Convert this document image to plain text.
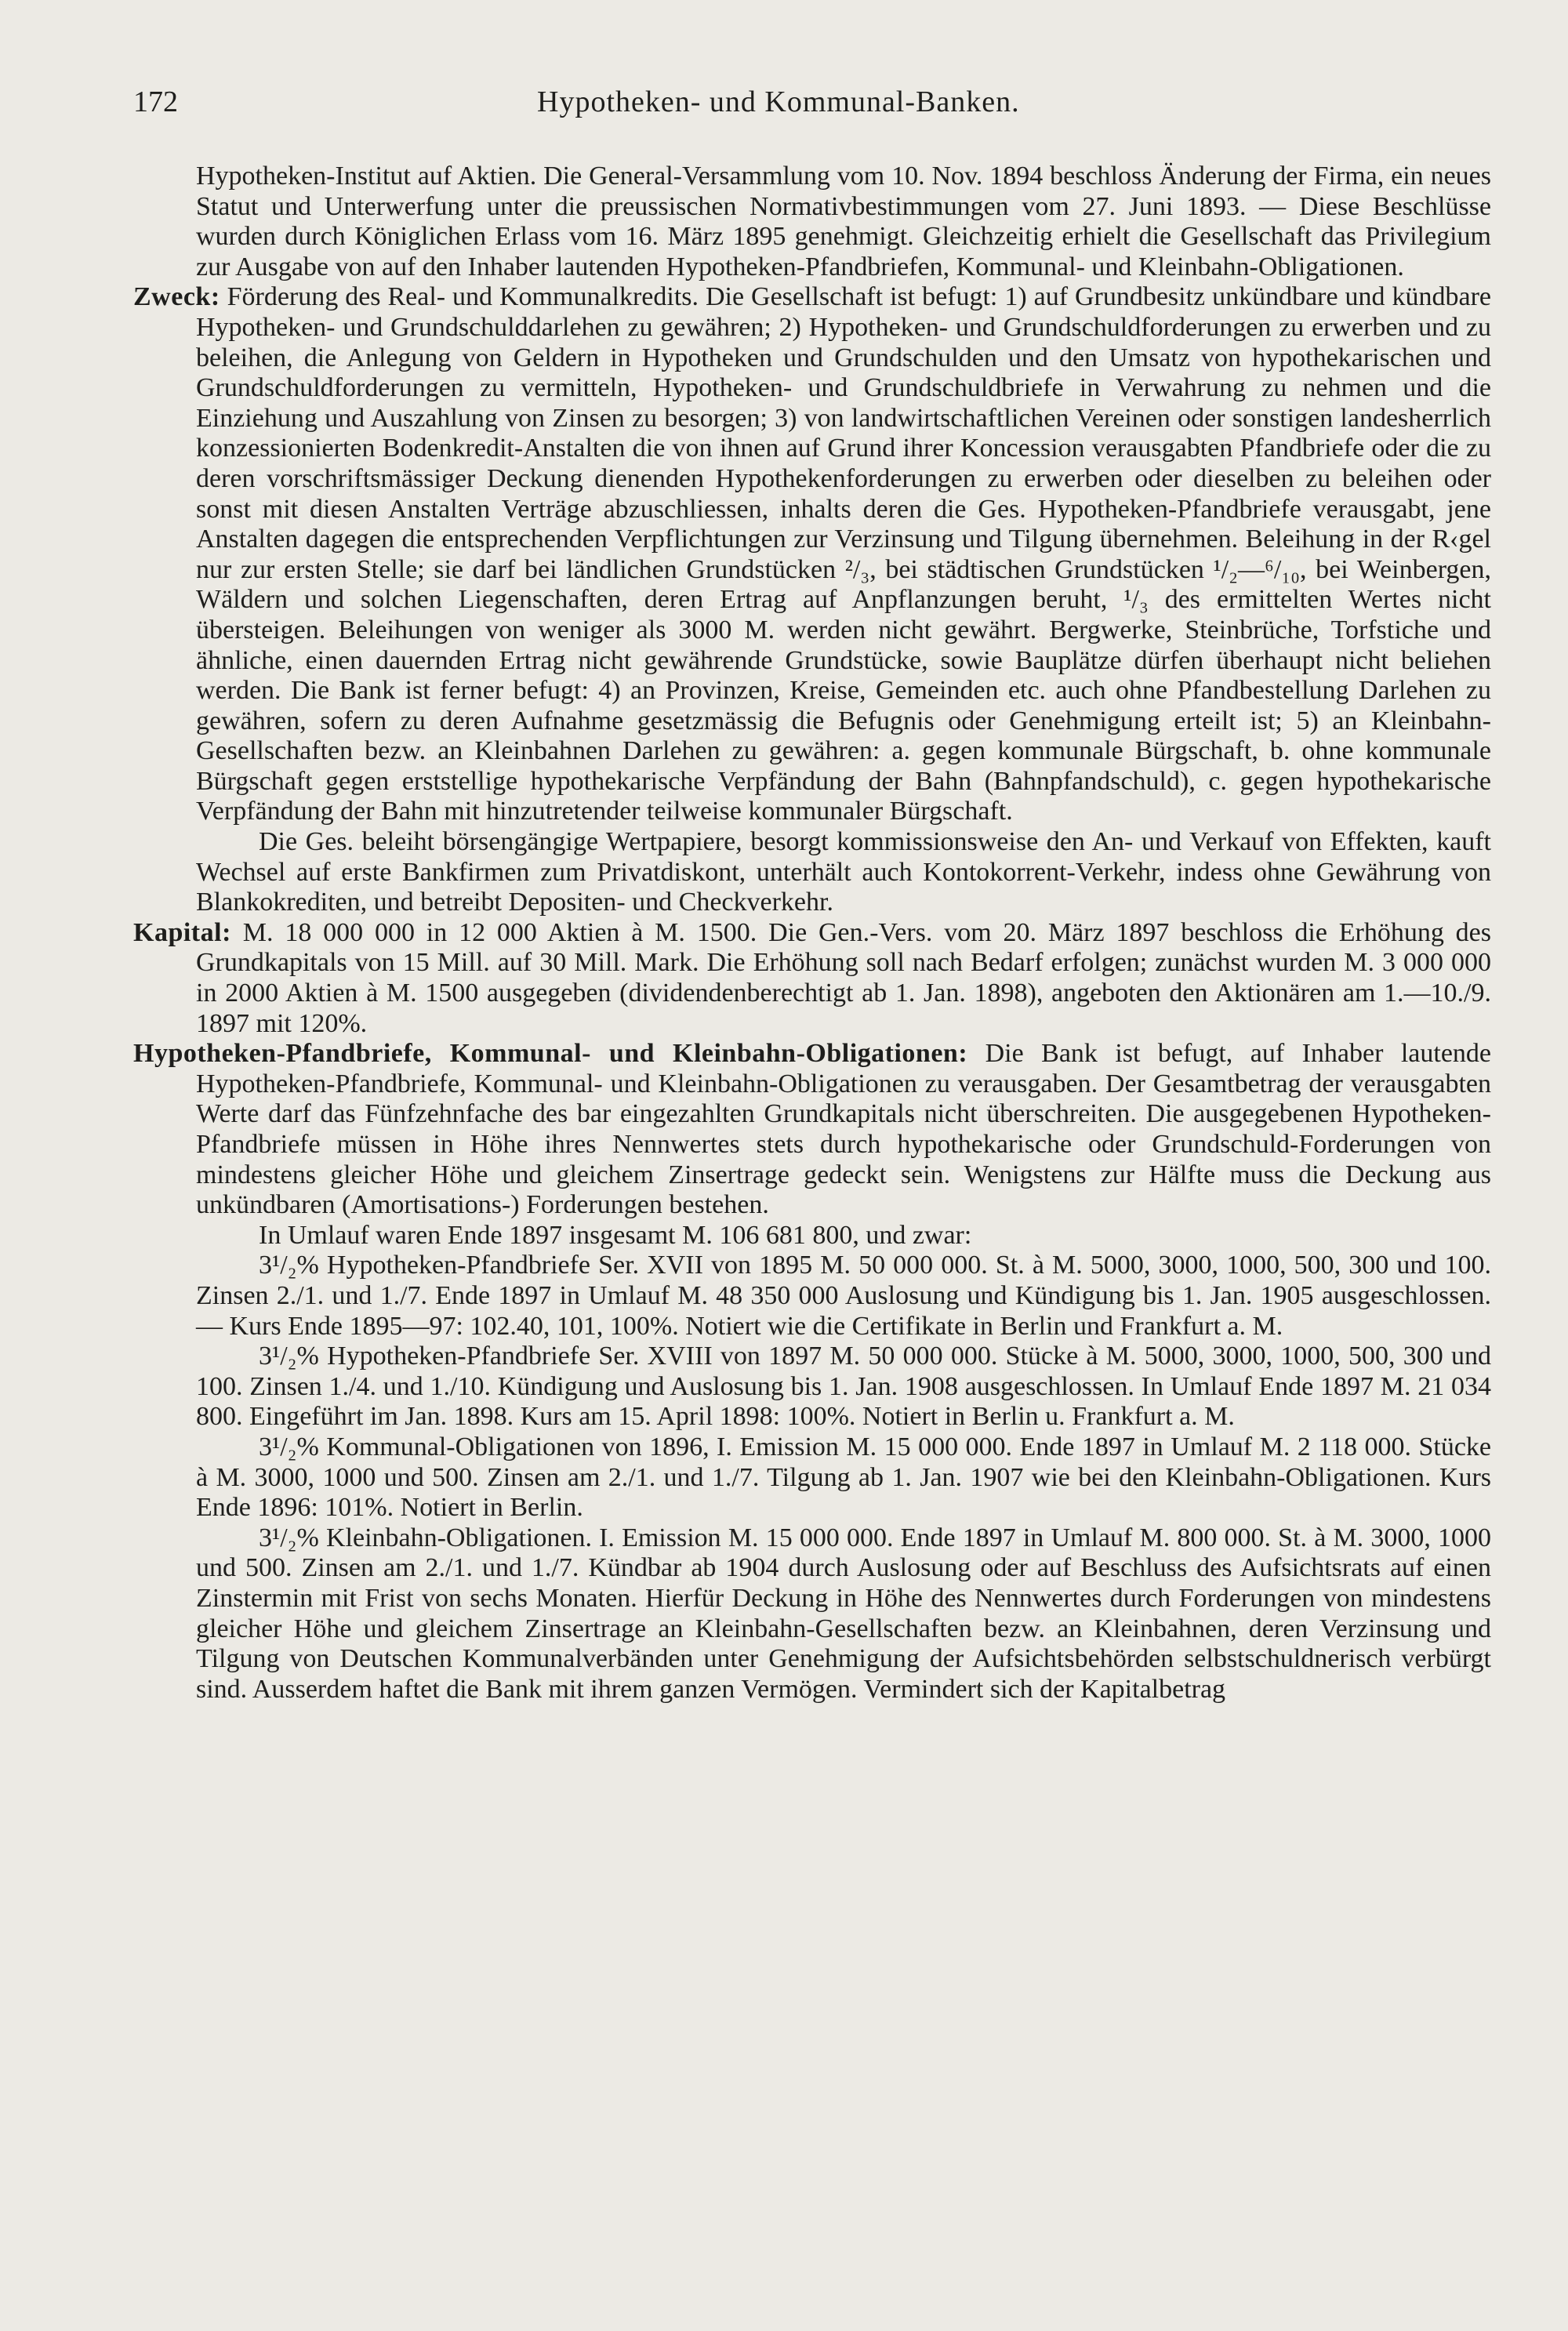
172	Hypotheken- und Kommunal-Banken.

Hypotheken-Institut auf Aktien. Die General-Versammlung vom 10. Nov. 1894 beschloss Änderung der Firma, ein neues Statut und Unterwerfung unter die preussischen Normativbestimmungen vom 27. Juni 1893. — Diese Beschlüsse wurden durch Königlichen Erlass vom 16. März 1895 genehmigt. Gleichzeitig erhielt die Gesellschaft das Privilegium zur Ausgabe von auf den Inhaber lautenden Hypotheken-Pfandbriefen, Kommunal- und Kleinbahn-Obligationen.

Zweck: Förderung des Real- und Kommunalkredits. Die Gesellschaft ist befugt: 1) auf Grundbesitz unkündbare und kündbare Hypotheken- und Grundschulddarlehen zu gewähren; 2) Hypotheken- und Grundschuldforderungen zu erwerben und zu beleihen, die Anlegung von Geldern in Hypotheken und Grundschulden und den Umsatz von hypothekarischen und Grundschuldforderungen zu vermitteln, Hypotheken- und Grundschuldbriefe in Verwahrung zu nehmen und die Einziehung und Auszahlung von Zinsen zu besorgen; 3) von landwirtschaftlichen Vereinen oder sonstigen landesherrlich konzessionierten Bodenkredit-Anstalten die von ihnen auf Grund ihrer Koncession verausgabten Pfandbriefe oder die zu deren vorschriftsmässiger Deckung dienenden Hypothekenforderungen zu erwerben oder dieselben zu beleihen oder sonst mit diesen Anstalten Verträge abzuschliessen, inhalts deren die Ges. Hypotheken-Pfandbriefe verausgabt, jene Anstalten dagegen die entsprechenden Verpflichtungen zur Verzinsung und Tilgung übernehmen. Beleihung in der R‹gel nur zur ersten Stelle; sie darf bei ländlichen Grundstücken ²/₃, bei städtischen Grundstücken ¹/₂—⁶/₁₀, bei Weinbergen, Wäldern und solchen Liegenschaften, deren Ertrag auf Anpflanzungen beruht, ¹/₃ des ermittelten Wertes nicht übersteigen. Beleihungen von weniger als 3000 M. werden nicht gewährt. Bergwerke, Steinbrüche, Torfstiche und ähnliche, einen dauernden Ertrag nicht gewährende Grundstücke, sowie Bauplätze dürfen überhaupt nicht beliehen werden. Die Bank ist ferner befugt: 4) an Provinzen, Kreise, Gemeinden etc. auch ohne Pfandbestellung Darlehen zu gewähren, sofern zu deren Aufnahme gesetzmässig die Befugnis oder Genehmigung erteilt ist; 5) an Kleinbahn-Gesellschaften bezw. an Kleinbahnen Darlehen zu gewähren: a. gegen kommunale Bürgschaft, b. ohne kommunale Bürgschaft gegen erststellige hypothekarische Verpfändung der Bahn (Bahnpfandschuld), c. gegen hypothekarische Verpfändung der Bahn mit hinzutretender teilweise kommunaler Bürgschaft.

Die Ges. beleiht börsengängige Wertpapiere, besorgt kommissionsweise den An- und Verkauf von Effekten, kauft Wechsel auf erste Bankfirmen zum Privatdiskont, unterhält auch Kontokorrent-Verkehr, indess ohne Gewährung von Blankokrediten, und betreibt Depositen- und Checkverkehr.

Kapital: M. 18 000 000 in 12 000 Aktien à M. 1500. Die Gen.-Vers. vom 20. März 1897 beschloss die Erhöhung des Grundkapitals von 15 Mill. auf 30 Mill. Mark. Die Erhöhung soll nach Bedarf erfolgen; zunächst wurden M. 3 000 000 in 2000 Aktien à M. 1500 ausgegeben (dividendenberechtigt ab 1. Jan. 1898), angeboten den Aktionären am 1.—10./9. 1897 mit 120%.

Hypotheken-Pfandbriefe, Kommunal- und Kleinbahn-Obligationen: Die Bank ist befugt, auf Inhaber lautende Hypotheken-Pfandbriefe, Kommunal- und Kleinbahn-Obligationen zu verausgaben. Der Gesamtbetrag der verausgabten Werte darf das Fünfzehnfache des bar eingezahlten Grundkapitals nicht überschreiten. Die ausgegebenen Hypotheken-Pfandbriefe müssen in Höhe ihres Nennwertes stets durch hypothekarische oder Grundschuld-Forderungen von mindestens gleicher Höhe und gleichem Zinsertrage gedeckt sein. Wenigstens zur Hälfte muss die Deckung aus unkündbaren (Amortisations-) Forderungen bestehen.

In Umlauf waren Ende 1897 insgesamt M. 106 681 800, und zwar:

3¹/₂% Hypotheken-Pfandbriefe Ser. XVII von 1895 M. 50 000 000. St. à M. 5000, 3000, 1000, 500, 300 und 100. Zinsen 2./1. und 1./7. Ende 1897 in Umlauf M. 48 350 000 Auslosung und Kündigung bis 1. Jan. 1905 ausgeschlossen. — Kurs Ende 1895—97: 102.40, 101, 100%. Notiert wie die Certifikate in Berlin und Frankfurt a. M.

3¹/₂% Hypotheken-Pfandbriefe Ser. XVIII von 1897 M. 50 000 000. Stücke à M. 5000, 3000, 1000, 500, 300 und 100. Zinsen 1./4. und 1./10. Kündigung und Auslosung bis 1. Jan. 1908 ausgeschlossen. In Umlauf Ende 1897 M. 21 034 800. Eingeführt im Jan. 1898. Kurs am 15. April 1898: 100%. Notiert in Berlin u. Frankfurt a. M.

3¹/₂% Kommunal-Obligationen von 1896, I. Emission M. 15 000 000. Ende 1897 in Umlauf M. 2 118 000. Stücke à M. 3000, 1000 und 500. Zinsen am 2./1. und 1./7. Tilgung ab 1. Jan. 1907 wie bei den Kleinbahn-Obligationen. Kurs Ende 1896: 101%. Notiert in Berlin.

3¹/₂% Kleinbahn-Obligationen. I. Emission M. 15 000 000. Ende 1897 in Umlauf M. 800 000. St. à M. 3000, 1000 und 500. Zinsen am 2./1. und 1./7. Kündbar ab 1904 durch Auslosung oder auf Beschluss des Aufsichtsrats auf einen Zinstermin mit Frist von sechs Monaten. Hierfür Deckung in Höhe des Nennwertes durch Forderungen von mindestens gleicher Höhe und gleichem Zinsertrage an Kleinbahn-Gesellschaften bezw. an Kleinbahnen, deren Verzinsung und Tilgung von Deutschen Kommunalverbänden unter Genehmigung der Aufsichtsbehörden selbstschuldnerisch verbürgt sind. Ausserdem haftet die Bank mit ihrem ganzen Vermögen. Vermindert sich der Kapitalbetrag
